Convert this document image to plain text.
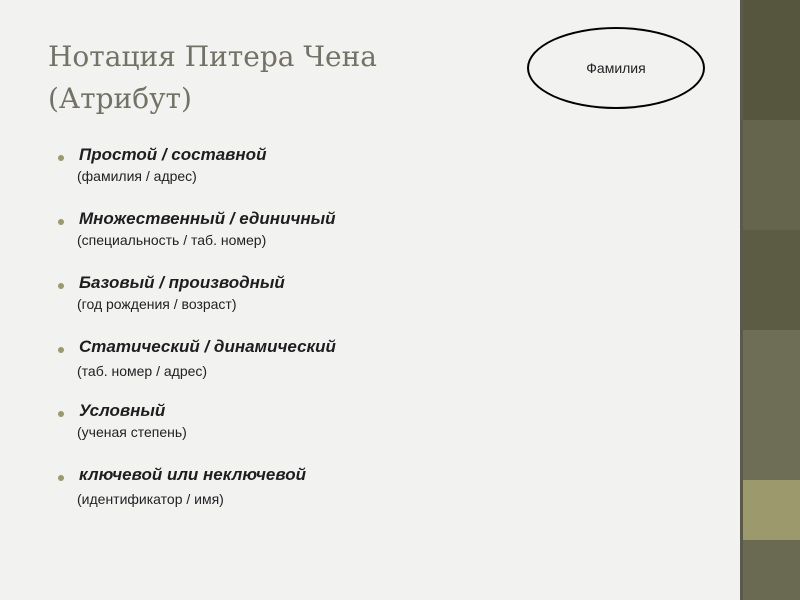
Нотация Питера Чена
(Атрибут)
Фамилия
Простой / составной
(фамилия / адрес)
Множественный / единичный
(специальность / таб. номер)
Базовый / производный
(год рождения / возраст)
Статический / динамический
(таб. номер / адрес)
Условный
(ученая степень)
ключевой или неключевой
(идентификатор / имя)
